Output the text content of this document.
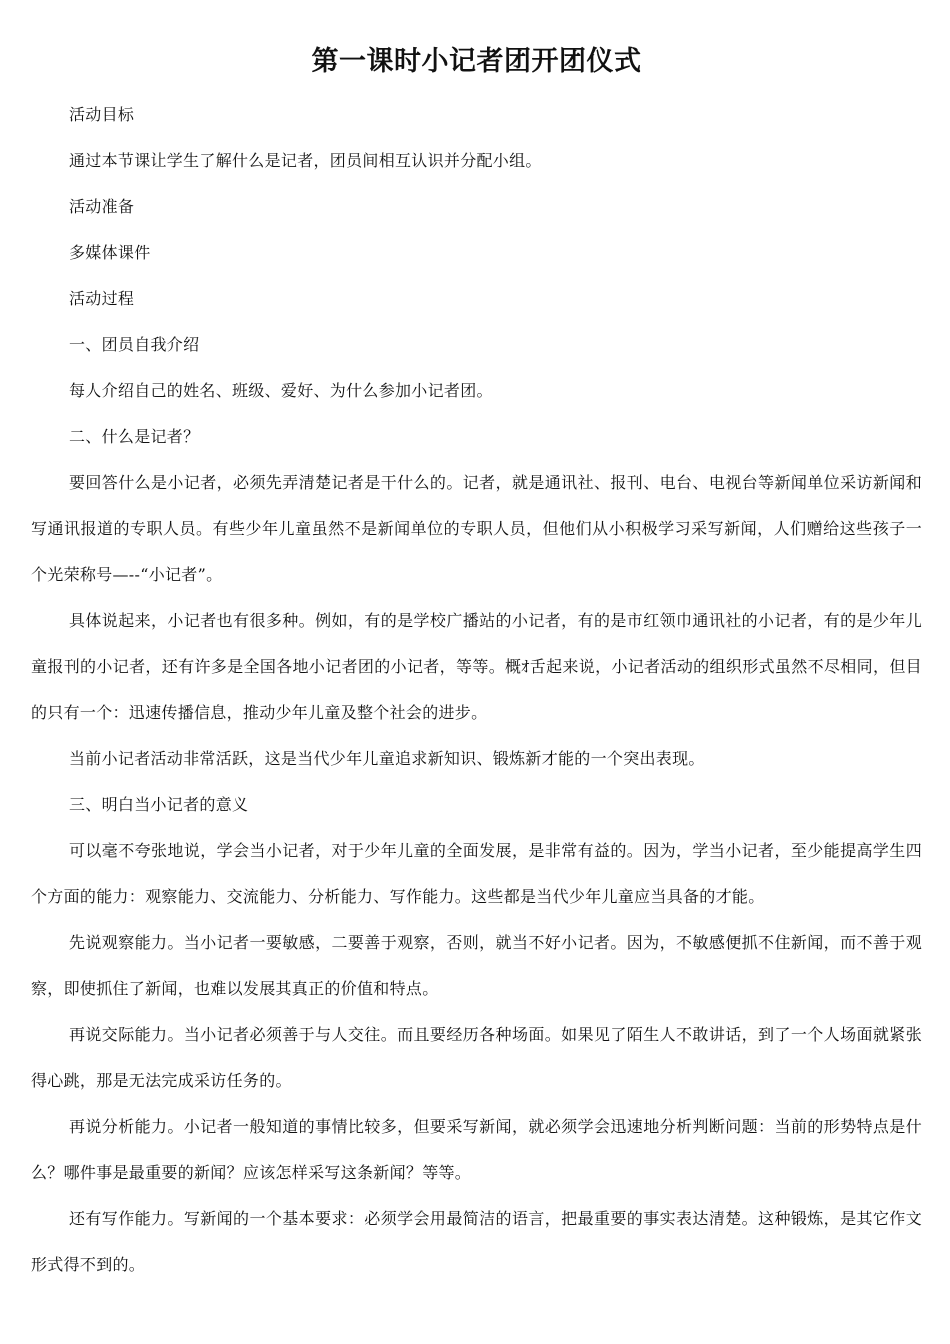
第一课时小记者团开团仪式

活动目标

通过本节课让学生了解什么是记者，团员间相互认识并分配小组。

活动准备

多媒体课件

活动过程

一、团员自我介绍

每人介绍自己的姓名、班级、爱好、为什么参加小记者团。

二、什么是记者？

要回答什么是小记者，必须先弄清楚记者是干什么的。记者，就是通讯社、报刊、电台、电视台等新闻单位采访新闻和写通讯报道的专职人员。有些少年儿童虽然不是新闻单位的专职人员，但他们从小积极学习采写新闻，人们赠给这些孩子一个光荣称号—--“小记者”。

具体说起来，小记者也有很多种。例如，有的是学校广播站的小记者，有的是市红领巾通讯社的小记者，有的是少年儿童报刊的小记者，还有许多是全国各地小记者团的小记者，等等。概ｵ舌起来说，小记者活动的组织形式虽然不尽相同，但目的只有一个：迅速传播信息，推动少年儿童及整个社会的进步。

当前小记者活动非常活跃，这是当代少年儿童追求新知识、锻炼新才能的一个突出表现。

三、明白当小记者的意义

可以毫不夸张地说，学会当小记者，对于少年儿童的全面发展，是非常有益的。因为，学当小记者，至少能提高学生四个方面的能力：观察能力、交流能力、分析能力、写作能力。这些都是当代少年儿童应当具备的才能。

先说观察能力。当小记者一要敏感，二要善于观察，否则，就当不好小记者。因为，不敏感便抓不住新闻，而不善于观察，即使抓住了新闻，也难以发展其真正的价值和特点。

再说交际能力。当小记者必须善于与人交往。而且要经历各种场面。如果见了陌生人不敢讲话，到了一个人场面就紧张得心跳，那是无法完成采访任务的。

再说分析能力。小记者一般知道的事情比较多，但要采写新闻，就必须学会迅速地分析判断问题：当前的形势特点是什么？哪件事是最重要的新闻？应该怎样采写这条新闻？等等。

还有写作能力。写新闻的一个基本要求：必须学会用最简洁的语言，把最重要的事实表达清楚。这种锻炼，是其它作文形式得不到的。
